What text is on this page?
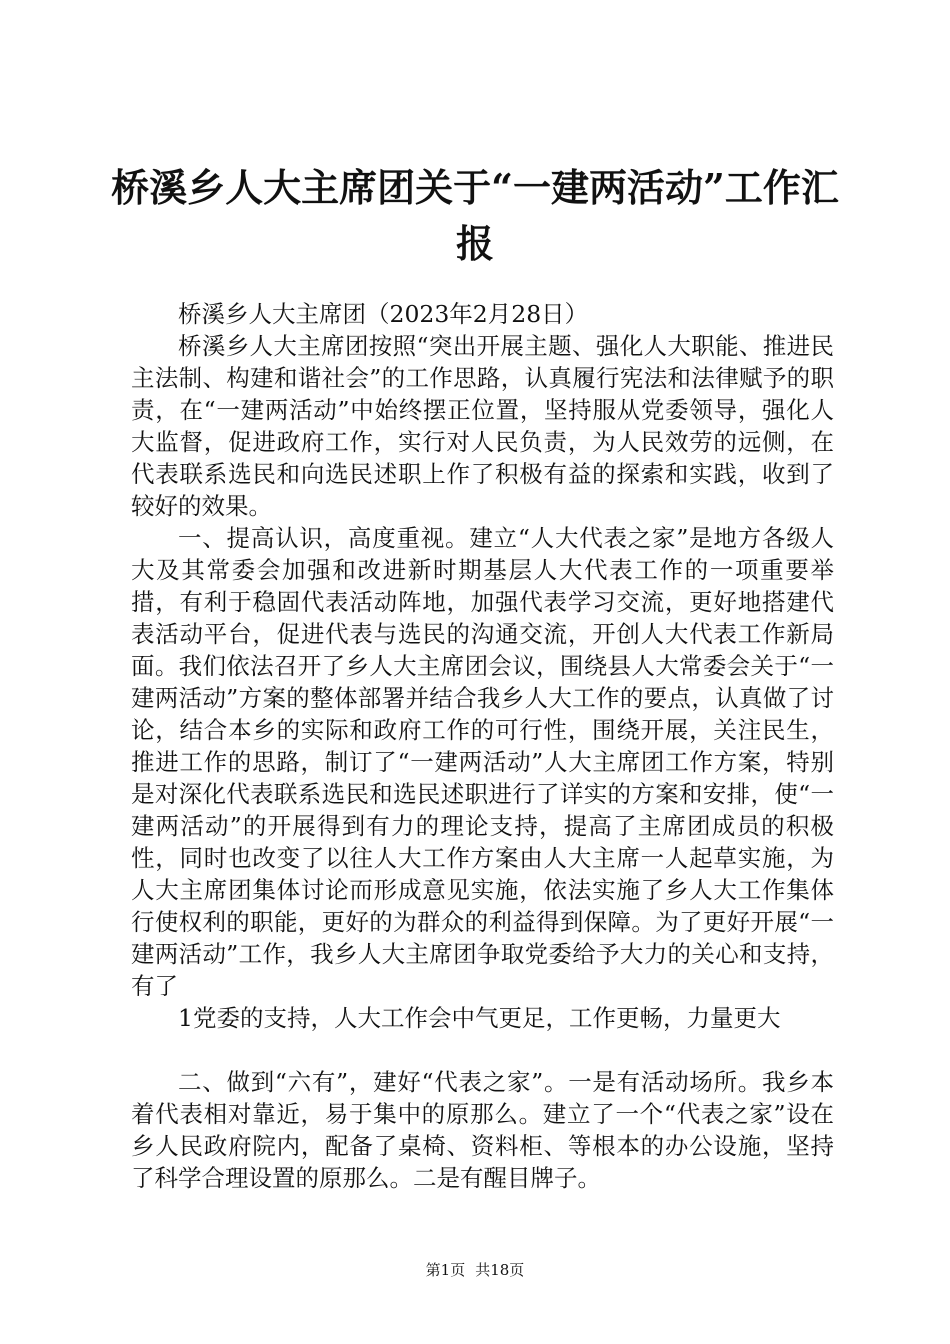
桥溪乡人大主席团关于“一建两活动”工作汇
报

桥溪乡人大主席团（2023年2月28日）

桥溪乡人大主席团按照“突出开展主题、强化人大职能、推进民主法制、构建和谐社会”的工作思路，认真履行宪法和法律赋予的职责，在“一建两活动”中始终摆正位置，坚持服从党委领导，强化人大监督，促进政府工作，实行对人民负责，为人民效劳的远侧，在代表联系选民和向选民述职上作了积极有益的探索和实践，收到了较好的效果。

一、提高认识，高度重视。建立“人大代表之家”是地方各级人大及其常委会加强和改进新时期基层人大代表工作的一项重要举措，有利于稳固代表活动阵地，加强代表学习交流，更好地搭建代表活动平台，促进代表与选民的沟通交流，开创人大代表工作新局面。我们依法召开了乡人大主席团会议，围绕县人大常委会关于“一建两活动”方案的整体部署并结合我乡人大工作的要点，认真做了讨论，结合本乡的实际和政府工作的可行性，围绕开展，关注民生，推进工作的思路，制订了“一建两活动”人大主席团工作方案，特别是对深化代表联系选民和选民述职进行了详实的方案和安排，使“一建两活动”的开展得到有力的理论支持，提高了主席团成员的积极性，同时也改变了以往人大工作方案由人大主席一人起草实施，为人大主席团集体讨论而形成意见实施，依法实施了乡人大工作集体行使权利的职能，更好的为群众的利益得到保障。为了更好开展“一建两活动”工作，我乡人大主席团争取党委给予大力的关心和支持，有了

1党委的支持，人大工作会中气更足，工作更畅，力量更大

二、做到“六有”，建好“代表之家”。一是有活动场所。我乡本着代表相对靠近，易于集中的原那么。建立了一个“代表之家”设在乡人民政府院内，配备了桌椅、资料柜、等根本的办公设施，坚持了科学合理设置的原那么。二是有醒目牌子。

第1页 共18页
